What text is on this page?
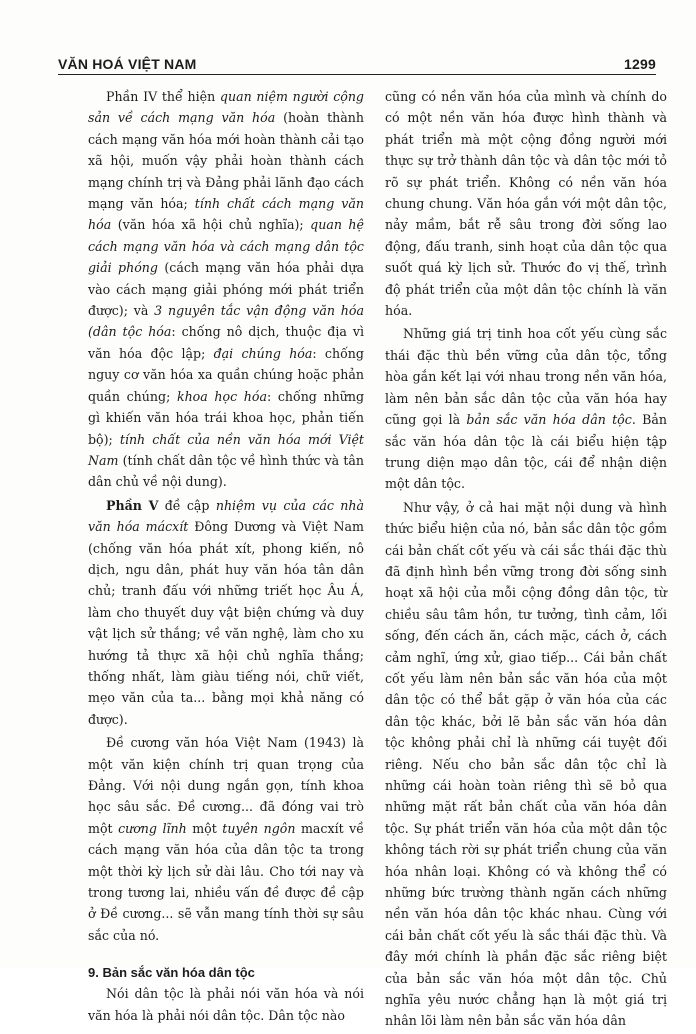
VĂN HOÁ VIỆT NAM	1299

Phần IV thể hiện quan niệm người cộng sản về cách mạng văn hóa (hoàn thành cách mạng văn hóa mới hoàn thành cải tạo xã hội, muốn vậy phải hoàn thành cách mạng chính trị và Đảng phải lãnh đạo cách mạng văn hóa; tính chất cách mạng văn hóa (văn hóa xã hội chủ nghĩa); quan hệ cách mạng văn hóa và cách mạng dân tộc giải phóng (cách mạng văn hóa phải dựa vào cách mạng giải phóng mới phát triển được); và 3 nguyên tắc vận động văn hóa (dân tộc hóa: chống nô dịch, thuộc địa vì văn hóa độc lập; đại chúng hóa: chống nguy cơ văn hóa xa quần chúng hoặc phản quần chúng; khoa học hóa: chống những gì khiến văn hóa trái khoa học, phản tiến bộ); tính chất của nền văn hóa mới Việt Nam (tính chất dân tộc về hình thức và tân dân chủ về nội dung).

Phần V đề cập nhiệm vụ của các nhà văn hóa mácxít Đông Dương và Việt Nam (chống văn hóa phát xít, phong kiến, nô dịch, ngu dân, phát huy văn hóa tân dân chủ; tranh đấu với những triết học Âu Á, làm cho thuyết duy vật biện chứng và duy vật lịch sử thắng; về văn nghệ, làm cho xu hướng tả thực xã hội chủ nghĩa thắng; thống nhất, làm giàu tiếng nói, chữ viết, mẹo văn của ta... bằng mọi khả năng có được).

Đề cương văn hóa Việt Nam (1943) là một văn kiện chính trị quan trọng của Đảng. Với nội dung ngắn gọn, tính khoa học sâu sắc. Đề cương... đã đóng vai trò một cương lĩnh một tuyên ngôn macxít về cách mạng văn hóa của dân tộc ta trong một thời kỳ lịch sử dài lâu. Cho tới nay và trong tương lai, nhiều vấn đề được đề cập ở Đề cương... sẽ vẫn mang tính thời sự sâu sắc của nó.

9. Bản sắc văn hóa dân tộc

Nói dân tộc là phải nói văn hóa và nói văn hóa là phải nói dân tộc. Dân tộc nào

cũng có nền văn hóa của mình và chính do có một nền văn hóa được hình thành và phát triển mà một cộng đồng người mới thực sự trở thành dân tộc và dân tộc mới tỏ rõ sự phát triển. Không có nền văn hóa chung chung. Văn hóa gắn với một dân tộc, nảy mầm, bắt rễ sâu trong đời sống lao động, đấu tranh, sinh hoạt của dân tộc qua suốt quá kỳ lịch sử. Thước đo vị thế, trình độ phát triển của một dân tộc chính là văn hóa.

Những giá trị tinh hoa cốt yếu cùng sắc thái đặc thù bền vững của dân tộc, tổng hòa gắn kết lại với nhau trong nền văn hóa, làm nên bản sắc dân tộc của văn hóa hay cũng gọi là bản sắc văn hóa dân tộc. Bản sắc văn hóa dân tộc là cái biểu hiện tập trung diện mạo dân tộc, cái để nhận diện một dân tộc.

Như vậy, ở cả hai mặt nội dung và hình thức biểu hiện của nó, bản sắc dân tộc gồm cái bản chất cốt yếu và cái sắc thái đặc thù đã định hình bền vững trong đời sống sinh hoạt xã hội của mỗi cộng đồng dân tộc, từ chiều sâu tâm hồn, tư tưởng, tình cảm, lối sống, đến cách ăn, cách mặc, cách ở, cách cảm nghĩ, ứng xử, giao tiếp... Cái bản chất cốt yếu làm nên bản sắc văn hóa của một dân tộc có thể bắt gặp ở văn hóa của các dân tộc khác, bởi lẽ bản sắc văn hóa dân tộc không phải chỉ là những cái tuyệt đối riêng. Nếu cho bản sắc dân tộc chỉ là những cái hoàn toàn riêng thì sẽ bỏ qua những mặt rất bản chất của văn hóa dân tộc. Sự phát triển văn hóa của một dân tộc không tách rời sự phát triển chung của văn hóa nhân loại. Không có và không thể có những bức trường thành ngăn cách những nền văn hóa dân tộc khác nhau. Cùng với cái bản chất cốt yếu là sắc thái đặc thù. Và đây mới chính là phần đặc sắc riêng biệt của bản sắc văn hóa một dân tộc. Chủ nghĩa yêu nước chẳng hạn là một giá trị nhân lõi làm nên bản sắc văn hóa dân
